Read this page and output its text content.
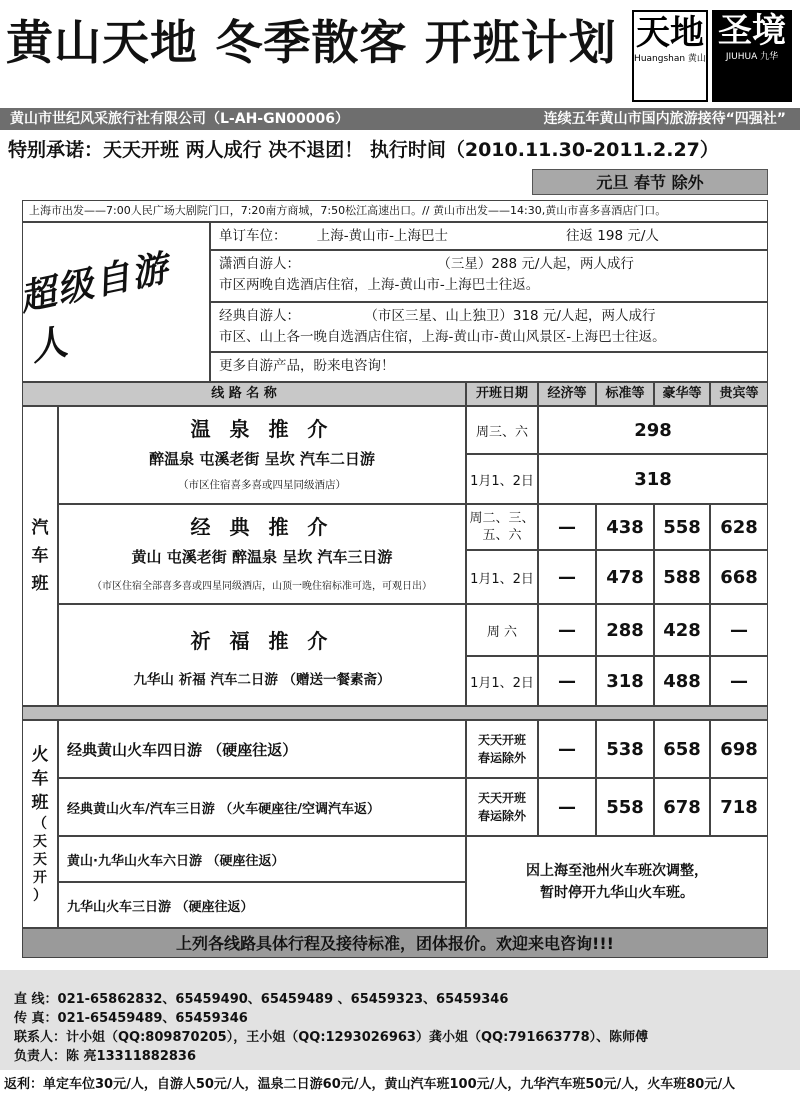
黄山天地 冬季散客 开班计划 天地
Huangshan 黄山
圣境
JIUHUA 九华
黄山市世纪风采旅行社有限公司（L-AH-GN00006）	连续五年黄山市国内旅游接待“四强社”
特别承诺：天天开班 两人成行 决不退团！ 执行时间（2010.11.30-2011.2.27）
元旦 春节 除外
上海市出发——7:00人民广场大剧院门口，7:20南方商城，7:50松江高速出口。// 黄山市出发——14:30,黄山市喜多喜酒店门口。
超级自游人
单订车位： 上海-黄山市-上海巴士	往返 198 元/人
潇洒自游人：                                （三星）288 元/人起，两人成行
市区两晚自选酒店住宿，上海-黄山市-上海巴士往返。
经典自游人：               （市区三星、山上独卫）318 元/人起，两人成行
市区、山上各一晚自选酒店住宿，上海-黄山市-黄山风景区-上海巴士往返。
更多自游产品，盼来电咨询！
线 路 名 称	开班日期	经济等	标准等	豪华等	贵宾等
汽
车
班
温 泉 推 介
醉温泉 屯溪老街 呈坎 汽车二日游
（市区住宿喜多喜或四星同级酒店）
周三、六	298
1月1、2日	318
经 典 推 介
黄山 屯溪老街 醉温泉 呈坎 汽车三日游
（市区住宿全部喜多喜或四星同级酒店，山顶一晚住宿标准可选，可观日出）
周二、三、
五、六	—	438	558	628
1月1、2日	—	478	588	668
祈 福 推 介
九华山 祈福 汽车二日游 （赠送一餐素斋）
周 六	—	288	428	—
1月1、2日	—	318	488	—
火
车
班
（
天
天
开
）
经典黄山火车四日游 （硬座往返）
天天开班
春运除外	—	538	658	698
经典黄山火车/汽车三日游 （火车硬座往/空调汽车返）
天天开班
春运除外	—	558	678	718
黄山·九华山火车六日游 （硬座往返）
九华山火车三日游 （硬座往返）
因上海至池州火车班次调整，
暂时停开九华山火车班。
上列各线路具体行程及接待标准，团体报价。欢迎来电咨询!!!
直 线：021-65862832、65459490、65459489 、65459323、65459346
传 真：021-65459489、65459346
联系人：计小姐（QQ:809870205），王小姐（QQ:1293026963）龚小姐（QQ:791663778）、陈师傅
负责人：陈 亮13311882836
返利：单定车位30元/人，自游人50元/人，温泉二日游60元/人，黄山汽车班100元/人，九华汽车班50元/人，火车班80元/人
